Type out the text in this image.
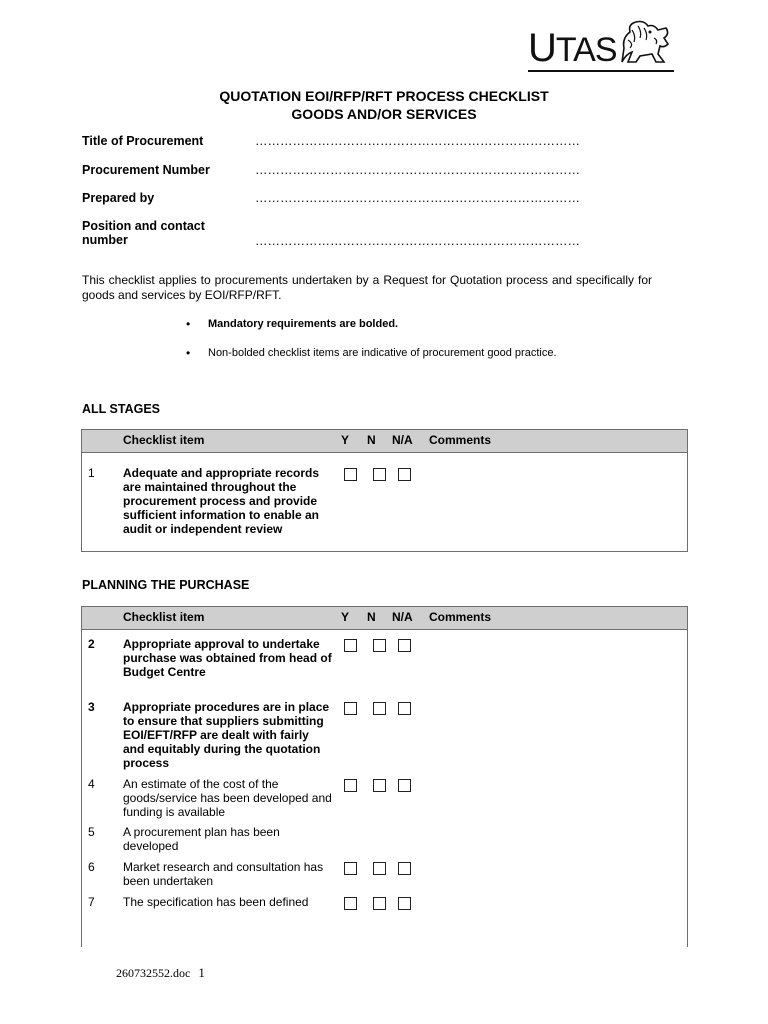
UTAS
QUOTATION EOI/RFP/RFT PROCESS CHECKLIST
GOODS AND/OR SERVICES
Title of Procurement	……………………………………………………………………
Procurement Number	……………………………………………………………………
Prepared by	……………………………………………………………………
Position and contact number	……………………………………………………………………
This checklist applies to procurements undertaken by a Request for Quotation process and specifically for goods and services by EOI/RFP/RFT.
• Mandatory requirements are bolded.
• Non-bolded checklist items are indicative of procurement good practice.
ALL STAGES
Checklist item	Y N N/A Comments
1	Adequate and appropriate records are maintained throughout the procurement process and provide sufficient information to enable an audit or independent review
PLANNING THE PURCHASE
Checklist item	Y N N/A Comments
2	Appropriate approval to undertake purchase was obtained from head of Budget Centre
3	Appropriate procedures are in place to ensure that suppliers submitting EOI/EFT/RFP are dealt with fairly and equitably during the quotation process
4	An estimate of the cost of the goods/service has been developed and funding is available
5	A procurement plan has been developed
6	Market research and consultation has been undertaken
7	The specification has been defined
260732552.doc 1
